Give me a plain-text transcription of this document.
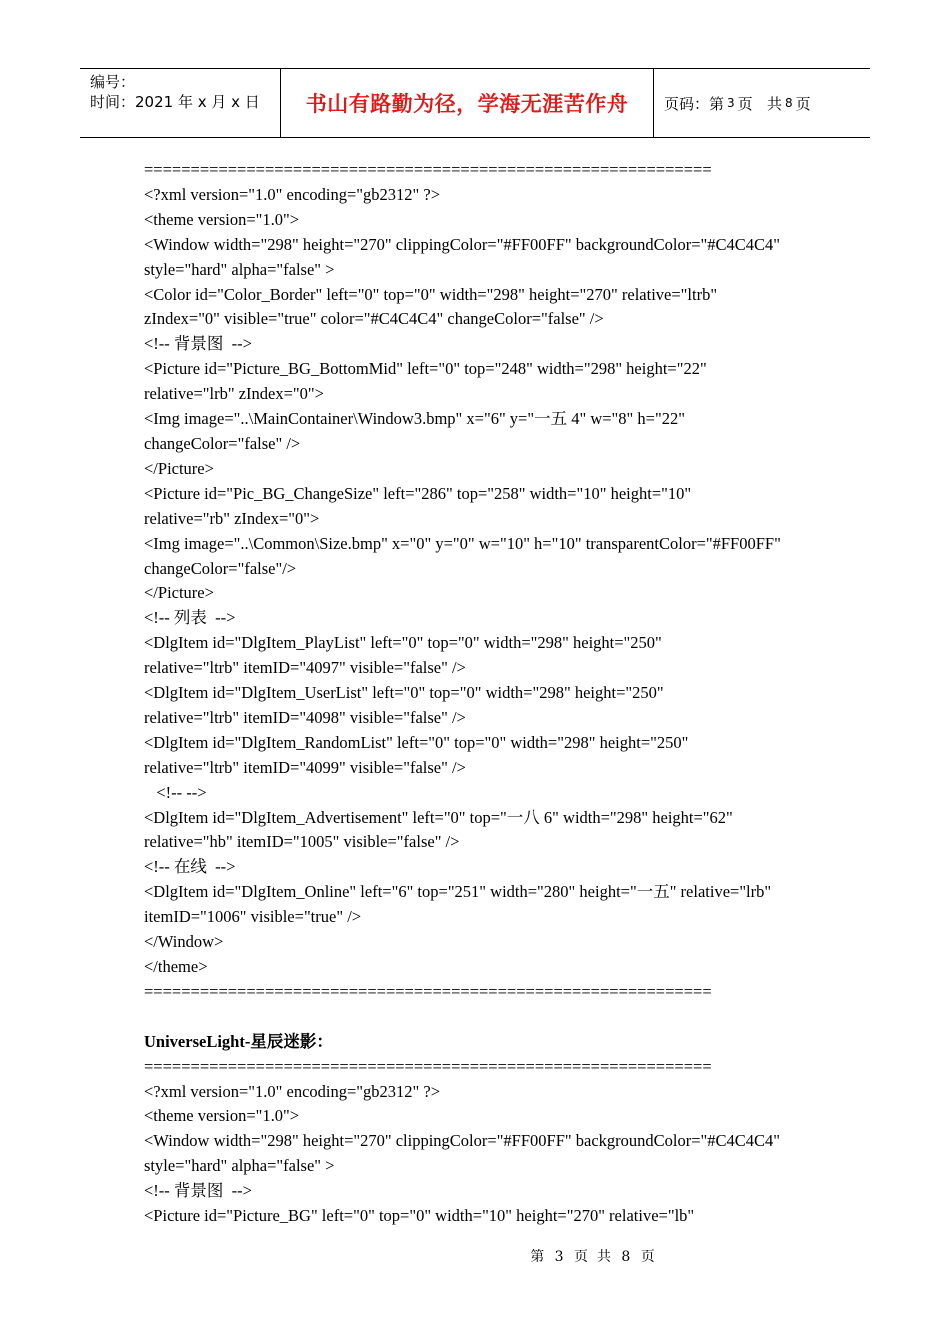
编号：
时间：2021 年 x 月 x 日 书山有路勤为径，学海无涯苦作舟 页码：第 3 页   共 8 页
=============================================================
<?xml version="1.0" encoding="gb2312" ?>
<theme version="1.0">
<Window width="298" height="270" clippingColor="#FF00FF" backgroundColor="#C4C4C4"
style="hard" alpha="false" >
<Color id="Color_Border" left="0" top="0" width="298" height="270" relative="ltrb"
zIndex="0" visible="true" color="#C4C4C4" changeColor="false" />
<!-- 背景图  -->
<Picture id="Picture_BG_BottomMid" left="0" top="248" width="298" height="22"
relative="lrb" zIndex="0">
<Img image="..\MainContainer\Window3.bmp" x="6" y="一五 4" w="8" h="22"
changeColor="false" />
</Picture>
<Picture id="Pic_BG_ChangeSize" left="286" top="258" width="10" height="10"
relative="rb" zIndex="0">
<Img image="..\Common\Size.bmp" x="0" y="0" w="10" h="10" transparentColor="#FF00FF"
changeColor="false"/>
</Picture>
<!-- 列表  -->
<DlgItem id="DlgItem_PlayList" left="0" top="0" width="298" height="250"
relative="ltrb" itemID="4097" visible="false" />
<DlgItem id="DlgItem_UserList" left="0" top="0" width="298" height="250"
relative="ltrb" itemID="4098" visible="false" />
<DlgItem id="DlgItem_RandomList" left="0" top="0" width="298" height="250"
relative="ltrb" itemID="4099" visible="false" />
<!-- -->
<DlgItem id="DlgItem_Advertisement" left="0" top="一八 6" width="298" height="62"
relative="hb" itemID="1005" visible="false" />
<!-- 在线  -->
<DlgItem id="DlgItem_Online" left="6" top="251" width="280" height="一五" relative="lrb"
itemID="1006" visible="true" />
</Window>
</theme>
=============================================================
UniverseLight-星辰迷影：
=============================================================
<?xml version="1.0" encoding="gb2312" ?>
<theme version="1.0">
<Window width="298" height="270" clippingColor="#FF00FF" backgroundColor="#C4C4C4"
style="hard" alpha="false" >
<!-- 背景图  -->
<Picture id="Picture_BG" left="0" top="0" width="10" height="270" relative="lb"
第 3 页  共 8 页
